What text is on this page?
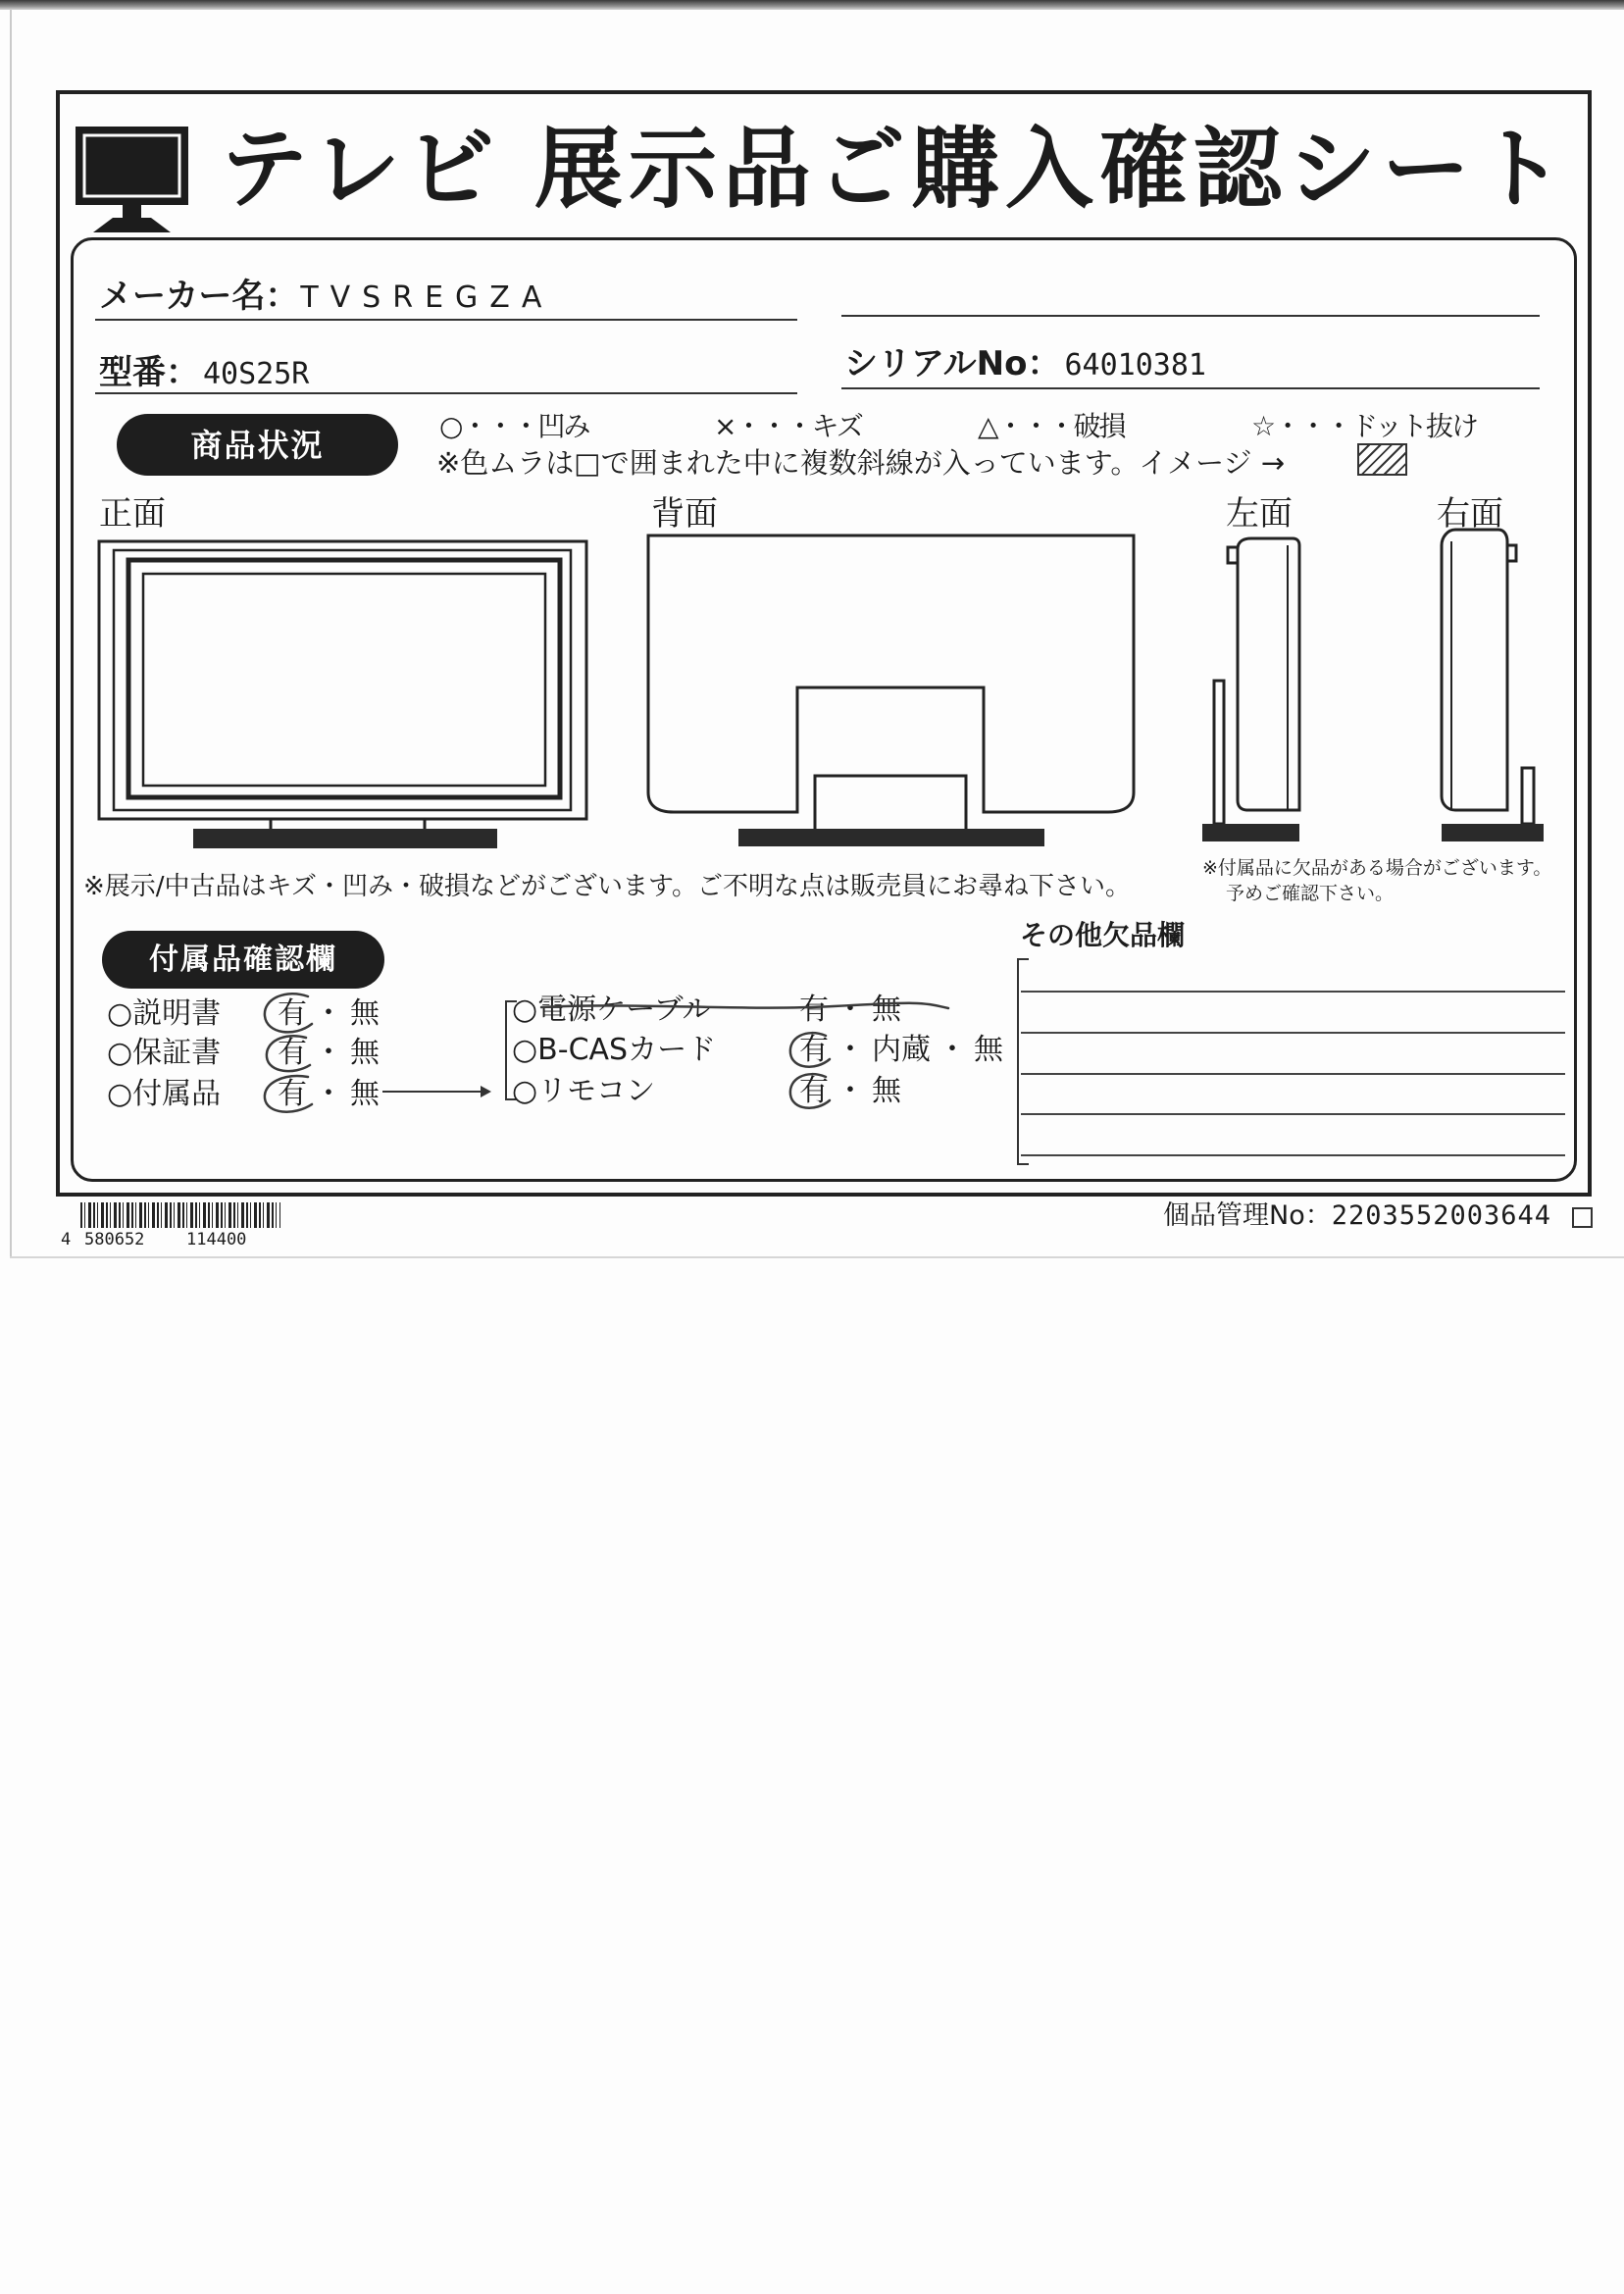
テレビ 展示品ご購入確認シート
メーカー名： TVSREGZA
型番： 40S25R	シリアルNo： 64010381
商品状況	○・・・凹み	×・・・キズ	△・・・破損	☆・・・ドット抜け
※色ムラは□で囲まれた中に複数斜線が入っています。イメージ →
正面	背面	左面	右面
※展示/中古品はキズ・凹み・破損などがございます。ご不明な点は販売員にお尋ね下さい。
※付属品に欠品がある場合がございます。
予めご確認下さい。
付属品確認欄
その他欠品欄
○説明書	有 ・ 無
○保証書	有 ・ 無
○付属品	有 ・ 無
○電源ケーブル	有 ・ 無
○B-CASカード	有 ・ 内蔵 ・ 無
○リモコン	有 ・ 無
4 580652	114400
個品管理No： 2203552003644
